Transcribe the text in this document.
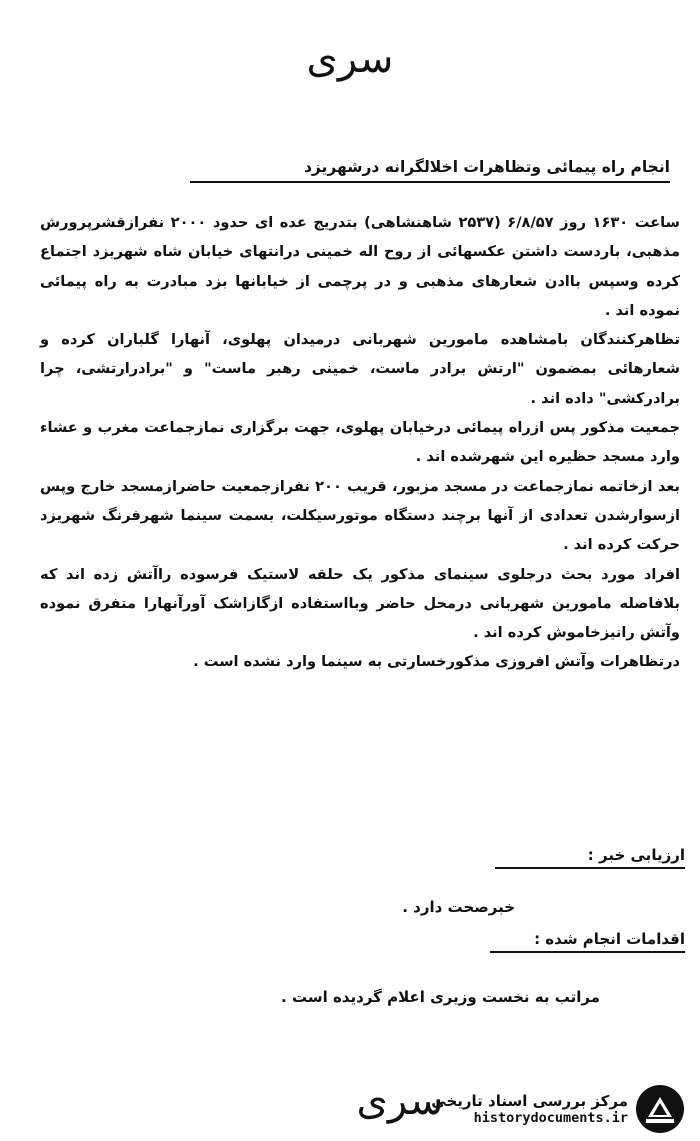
سری
انجام راه پیمائی وتظاهرات اخلالگرانه درشهریزد

ساعت ۱۶۳۰ روز ۶/۸/۵۷ (۲۵۳۷ شاهنشاهی) بتدریج عده ای حدود ۲۰۰۰ نفرازقشرپرورش مذهبی، باردست داشتن عکسهائی از روح اله خمینی درانتهای خیابان شاه شهریزد اجتماع کرده وسپس باادن شعارهای مذهبی و در پرچمی از خیابانها بزد مبادرت به راه پیمائی نموده اند .

تظاهرکنندگان بامشاهده مامورین شهربانی درمیدان پهلوی، آنهارا گلباران کرده و شعارهائی بمضمون "ارتش برادر ماست، خمینی رهبر ماست" و "برادرارتشی، چرا برادرکشی" داده اند .

جمعیت مذکور پس ازراه پیمائی درخیابان پهلوی، جهت برگزاری نمازجماعت مغرب و عشاء وارد مسجد حظیره این شهرشده اند .

بعد ازخاتمه نمازجماعت در مسجد مزبور، قریب ۲۰۰ نفرازجمعیت حاضرازمسجد خارج وپس ازسوارشدن تعدادی از آنها برچند دستگاه موتورسیکلت، بسمت سینما شهرفرنگ شهریزد حرکت کرده اند .

افراد مورد بحث درجلوی سینمای مذکور یک حلقه لاستیک فرسوده راآتش زده اند که بلافاصله مامورین شهربانی درمحل حاضر وبااستفاده ازگازاشک آورآنهارا متفرق نموده وآتش رانیزخاموش کرده اند .

درتظاهرات وآتش افروزی مذکورخسارتی به سینما وارد نشده است .

ارزیابی خبر :
خبرصحت دارد .
اقدامات انجام شده :
مراتب به نخست وزیری اعلام گردیده است .
سری
مرکز بررسی اسناد تاریخی
historydocuments.ir
